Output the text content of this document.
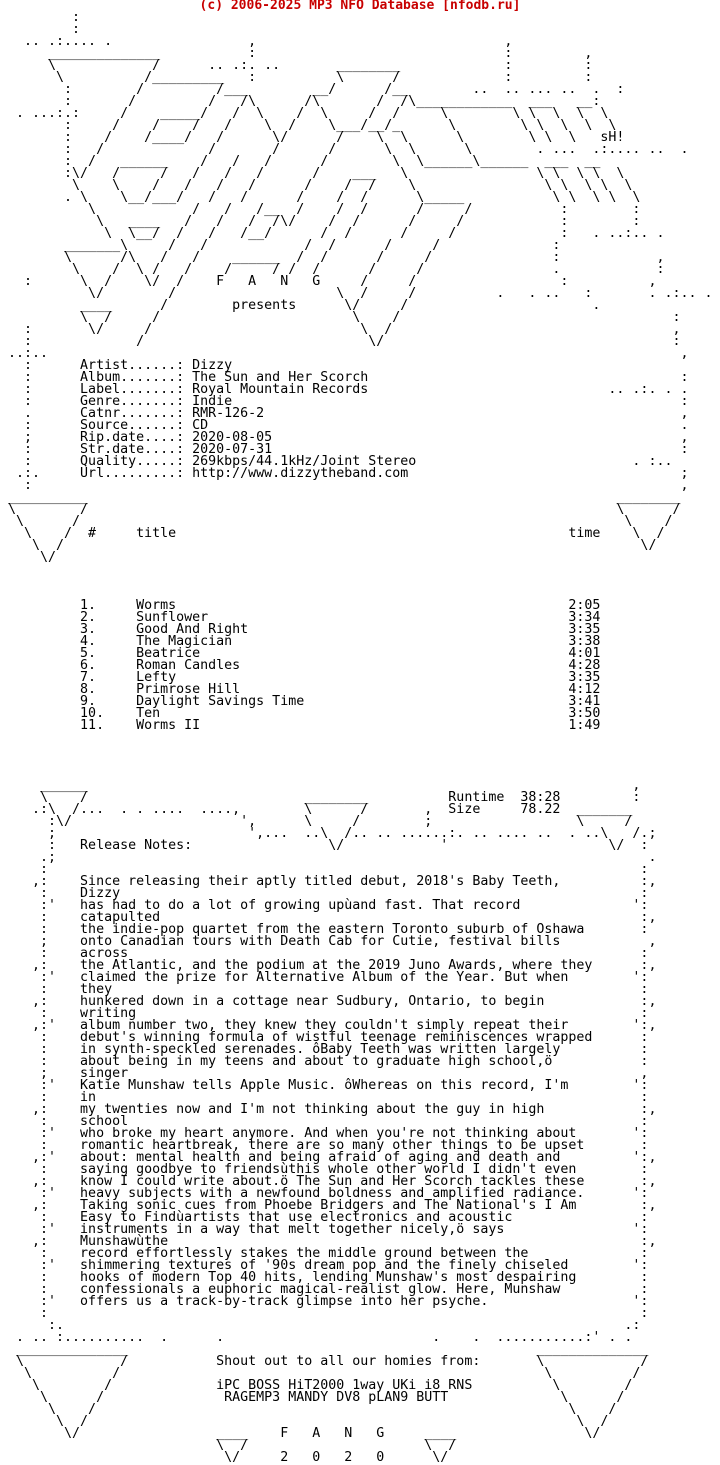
(c) 2006-2025 MP3 NFO Database [nfodb.ru]
:
:
.. .:.... .                 ,                               ,
______________           :                               :         ,
\            /      .. .:. ..       ________             :         :
\          /_________   :          \      /             :         :
:        /         /___        __/      /__        ..  .. ... ..  .  :
:       /         /   /\      /\       /  /\____________  ___   __:
. ...:.:     /    _____/   /  \    /  \     /  /     \        \ \  \  \  \
:     /    /    /   /    \  /    \___/__/_      \        \ \  \  \  \
:    /    /____/   /      \/      /    \  \      \        \ \  \   sH!
:   /             /       /      /      \  \      \        . ...  .:.... ..  .
:  /   ______    /   /   /      /        \  \______\______  ___  __
:\/   /     /   /   /   /      /    ___   \                \ \  \ \  \
\    \    /   /   /   /      /    /  /    \                \ \  \ \  \
. \    \__/___/   /   /      /    /  /      \_____           \ \  \ \  \
\            /   /   /__  /    /  /      /     /           :        :
\   ____   /   /   /  /\/    /  /      /     /            :        :
\  \__/  /   /   /__/      /  /      /     /             :   . ..:.. .
_______\     /   /            /  /      /     /              :
\      /\   /   /    ______  /  /      /     /               :            ,
\    /  \ /   /    /     / /  /      /     /                .            :
:      \  /    \/  /    F   A   N   G     /     /                  :          ,
\/        /                    \  /     /          .   . ..   :       . .:.. .
____      /        presents      \/     /                       .
\  /     /                        \    /                                  :
:       \/     /                          \  /                                   ,
:             /                            \/                                    :
..:..                                                                               ,
:      Artist......: Dizzy
:      Album.......: The Sun and Her Scorch                                       :
:      Label.......: Royal Mountain Records                              .. .:. . .
:      Genre.......: Indie                                                        :
.      Catnr.......: RMR-126-2                                                    ,
:      Source......: CD                                                           .
;      Rip.date....: 2020-08-05                                                   ,
:      Str.date....: 2020-07-31                                                   :
:      Quality.....: 269kbps/44.1kHz/Joint Stereo                           . :..
.:.     Url.........: http://www.dizzytheband.com                                  ;
:                                                                                 ,
__________                                                                  ________
\        /                                                                  \      /
\      /                                                                    \    /
\    /  #     title                                                 time    \  /
\  /                                                                        \/
\/

1.     Worms                                                 2:05
2.     Sunflower                                             3:34
3.     Good And Right                                        3:35
4.     The Magician                                          3:38
5.     Beatrice                                              4:01
6.     Roman Candles                                         4:28
7.     Lefty                                                 3:35
8.     Primrose Hill                                         4:12
9.     Daylight Savings Time                                 3:41
10.    Ten                                                   3:50
11.    Worms II                                              1:49

______                                                                    ,
\    /                           ________          Runtime  38:28         :
.:\  /...  . . ....  ....,        \      /       ,  Size     78.22  _______
:\/                     ',      \     /        ;                  \     /
;                        ',...  ..\  /.. .. ......:. .. .... ..  . ..\   /.;
:   Release Notes:                 \/            '                    \/  :
.;                                                                          .
:                                                                          :
,:    Since releasing their aptly titled debut, 2018's Baby Teeth,          :,
:    Dizzy                                                                 :
:'   has had to do a lot of growing upùand fast. That record              ':
:    catapulted                                                            :,
:    the indie-pop quartet from the eastern Toronto suburb of Oshawa       :
;    onto Canadian tours with Death Cab for Cutie, festival bills           ,
:    across                                                                :
,:    the Atlantic, and the podium at the 2019 Juno Awards, where they      :,
:'   claimed the prize for Alternative Album of the Year. But when        ':
:    they                                                                  :
,:    hunkered down in a cottage near Sudbury, Ontario, to begin            :,
:    writing                                                               :
,:'   album number two, they knew they couldn't simply repeat their        ':,
:    debut's winning formula of wistful teenage reminiscences wrapped      :
:    in synth-speckled serenades. ôBaby Teeth was written largely          :
:    about being in my teens and about to graduate high school,ö           :
;    singer                                                                ,
:'   Katie Munshaw tells Apple Music. ôWhereas on this record, I'm        ':
:    in                                                                    :
,:    my twenties now and I'm not thinking about the guy in high            :,
:    school                                                                :
:'   who broke my heart anymore. And when you're not thinking about       ':
:    romantic heartbreak, there are so many other things to be upset       :
,:'   about: mental health and being afraid of aging and death and         ':,
:    saying goodbye to friendsùthis whole other world I didn't even        :
,:    know I could write about.ö The Sun and Her Scorch tackles these       :,
:'   heavy subjects with a newfound boldness and amplified radiance.      ':
,:    Taking sonic cues from Phoebe Bridgers and The National's I Am        :,
:    Easy to Findùartists that use electronics and acoustic                :
:'   instruments in a way that melt together nicely,ö says                ':
,:    Munshawùthe                                                           :,
:    record effortlessly stakes the middle ground between the              :
:'   shimmering textures of '90s dream pop and the finely chiseled        ':
:    hooks of modern Top 40 hits, lending Munshaw's most despairing        :
:    confessionals a euphoric magical-realist glow. Here, Munshaw          :
:'   offers us a track-by-track glimpse into her psyche.                  ':
:                                                                          :
:.                                                                      .:
. .. :..........  .      .                          .    .  ...........:' . .
______________                                                   ______________
\            /           Shout out to all our homies from:       \            /
\          /                                                     \          /
\        /             iPC BOSS HiT2000 1way UKi i8 RNS          \        /
\      /               RAGEMP3 MANDY DV8 pLAN9 BUTT              \      /
\    /                                                           \    /
\  /                                                             \  /
\/                 ____    F   A   N   G     ____                \/
\  /                      \  /
\/     2   0   2   0      \/
